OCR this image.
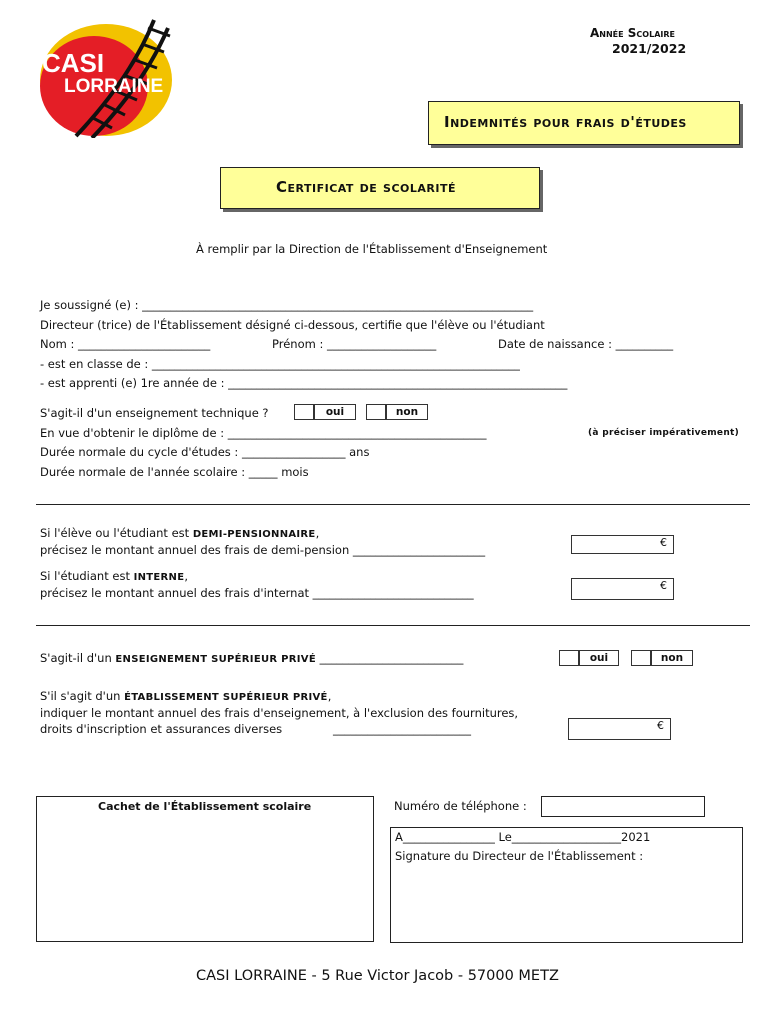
CASI
LORRAINE
Année Scolaire
2021/2022
Indemnités pour frais d'études
Certificat de scolarité
À remplir par la Direction de l'Établissement d'Enseignement
Je soussigné (e) : ____________________________________________________________________
Directeur (trice) de l'Établissement désigné ci-dessous, certifie que l'élève ou l'étudiant
Nom : _______________________	Prénom : ___________________	Date de naissance : __________
- est en classe de : ________________________________________________________________
- est apprenti (e) 1re année de : ___________________________________________________________
S'agit-il d'un enseignement technique ?	oui	non
En vue d'obtenir le diplôme de : _____________________________________________	(à préciser impérativement)
Durée normale du cycle d'études : __________________ ans
Durée normale de l'année scolaire : _____ mois
Si l'élève ou l'étudiant est DEMI-PENSIONNAIRE,
précisez le montant annuel des frais de demi-pension _______________________
€
Si l'étudiant est INTERNE,
précisez le montant annuel des frais d'internat ____________________________
€
S'agit-il d'un ENSEIGNEMENT SUPÉRIEUR PRIVÉ _________________________	oui	non
S'il s'agit d'un ÉTABLISSEMENT SUPÉRIEUR PRIVÉ,
indiquer le montant annuel des frais d'enseignement, à l'exclusion des fournitures,
droits d'inscription et assurances diverses	________________________	€
Cachet de l'Établissement scolaire	Numéro de téléphone :
A________________ Le___________________2021
Signature du Directeur de l'Établissement :
CASI LORRAINE - 5 Rue Victor Jacob - 57000 METZ
